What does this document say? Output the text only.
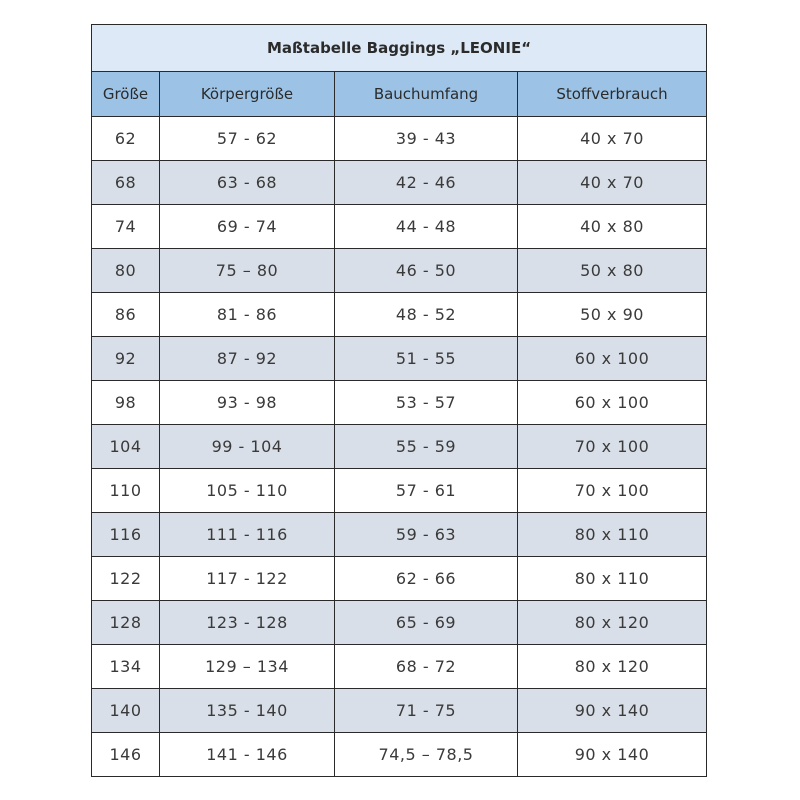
Maßtabelle Baggings „LEONIE“			
Größe	Körpergröße	Bauchumfang	Stoffverbrauch
62	57 - 62	39 - 43	40 x 70
68	63 - 68	42 - 46	40 x 70
74	69 - 74	44 - 48	40 x 80
80	75 – 80	46 - 50	50 x 80
86	81 - 86	48 - 52	50 x 90
92	87 - 92	51 - 55	60 x 100
98	93 - 98	53 - 57	60 x 100
104	99 - 104	55 - 59	70 x 100
110	105 - 110	57 - 61	70 x 100
116	111 - 116	59 - 63	80 x 110
122	117 - 122	62 - 66	80 x 110
128	123 - 128	65 - 69	80 x 120
134	129 – 134	68 - 72	80 x 120
140	135 - 140	71 - 75	90 x 140
146	141 - 146	74,5 – 78,5	90 x 140
